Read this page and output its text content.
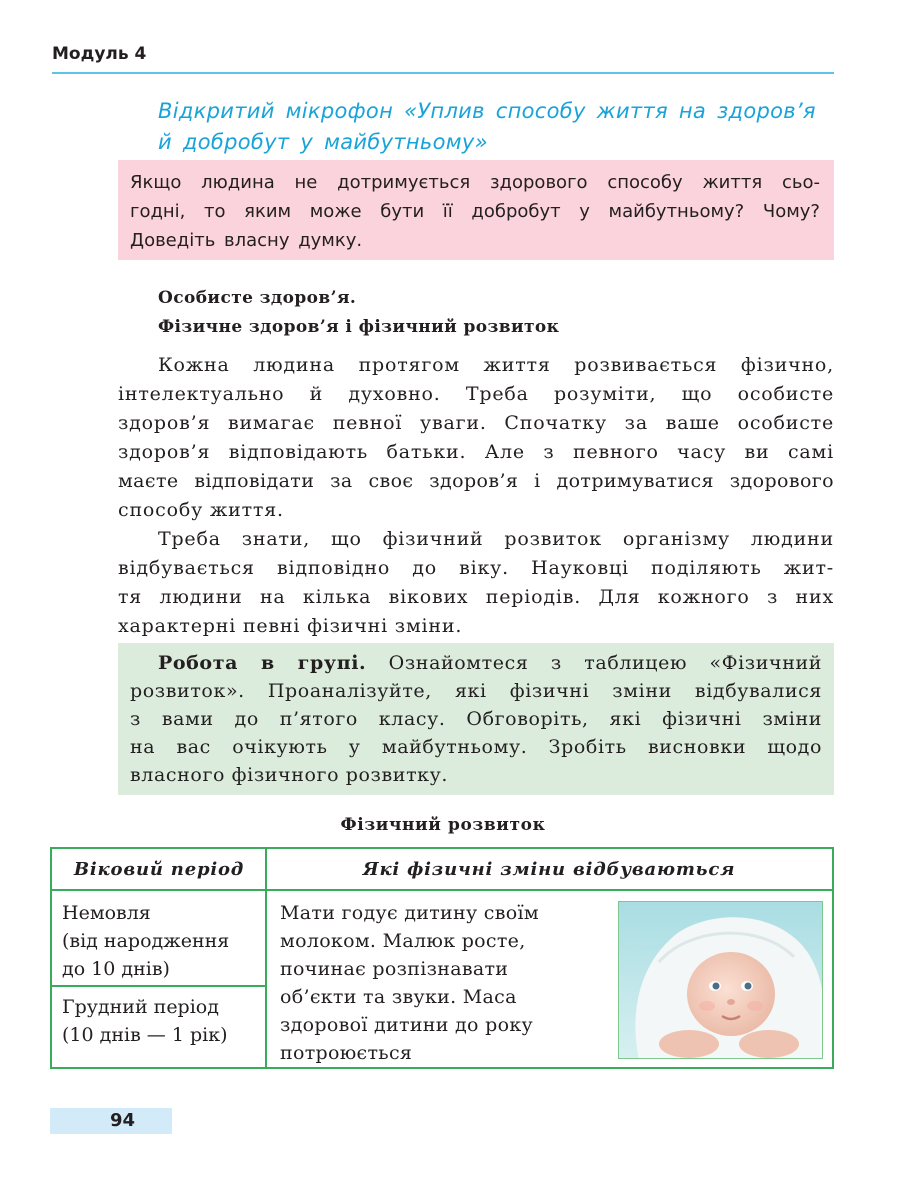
Модуль 4
Відкритий мікрофон «Уплив способу життя на здоров’я
й добробут у майбутньому»

Якщо людина не дотримується здорового способу життя сьо-

годні, то яким може бути її добробут у майбутньому? Чому?

Доведіть власну думку.

Особисте здоров’я.
Фізичне здоров’я і фізичний розвиток
Кожна людина протягом життя розвивається фізично,
інтелектуально й духовно. Треба розуміти, що особисте
здоров’я вимагає певної уваги. Спочатку за ваше особисте
здоров’я відповідають батьки. Але з певного часу ви самі
маєте відповідати за своє здоров’я і дотримуватися здорового
способу життя.
Треба знати, що фізичний розвиток організму людини
відбувається відповідно до віку. Науковці поділяють жит-
тя людини на кілька вікових періодів. Для кожного з них
характерні певні фізичні зміни.
Робота в групі. Ознайомтеся з таблицею «Фізичний
розвиток». Проаналізуйте, які фізичні зміни відбувалися
з вами до п’ятого класу. Обговоріть, які фізичні зміни
на вас очікують у майбутньому. Зробіть висновки щодо
власного фізичного розвитку.
Фізичний розвиток
Віковий період	Які фізичні зміни відбуваються
Немовля
(від народження
до 10 днів)
Грудний період
(10 днів — 1 рік)
Мати годує дитину своїм
молоком. Малюк росте,
починає розпізнавати
об’єкти та звуки. Маса
здорової дитини до року
потроюється
94
